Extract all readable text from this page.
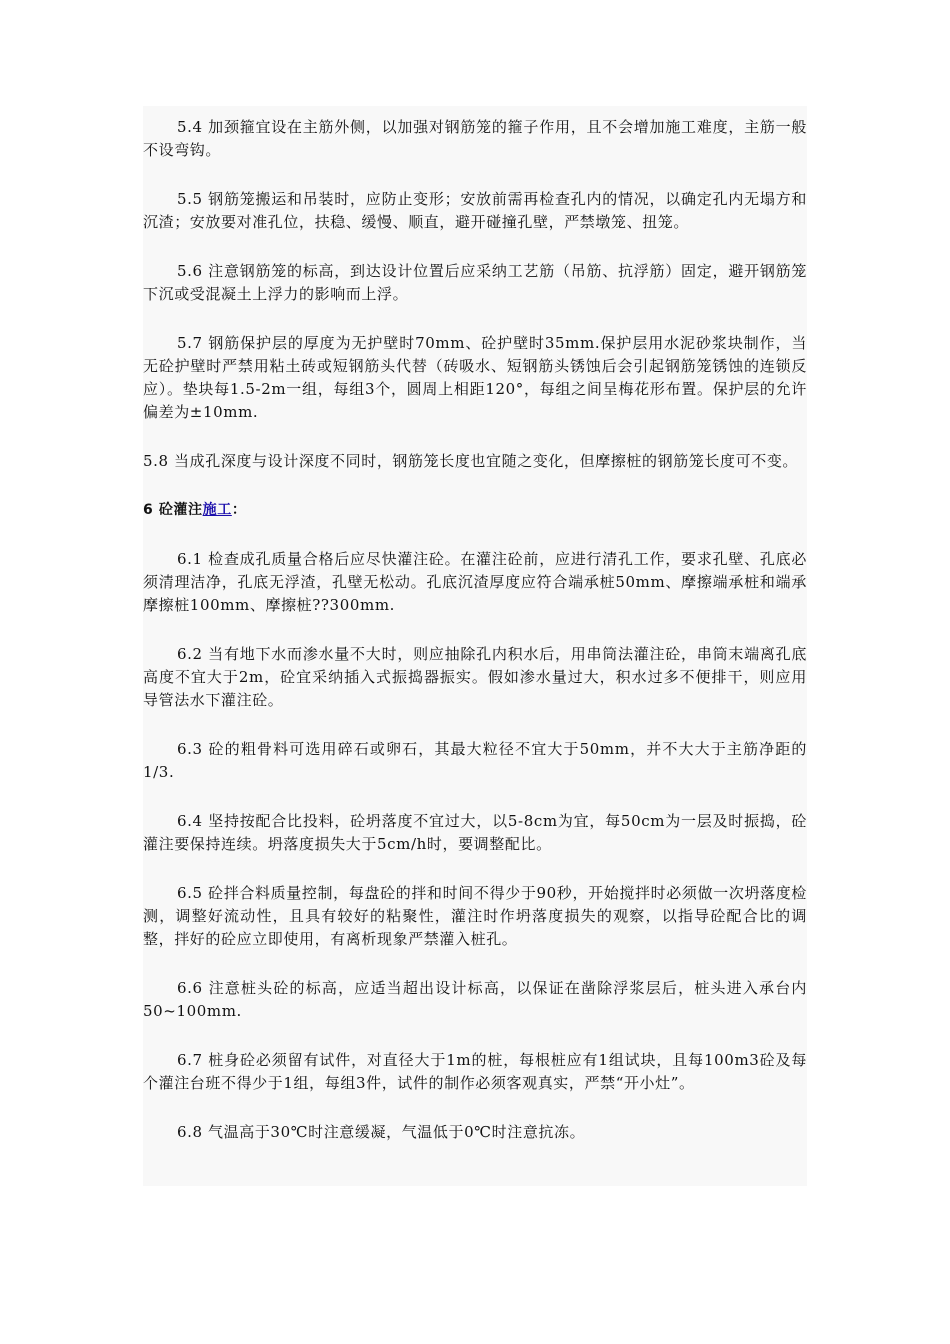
5.4 加颈箍宜设在主筋外侧，以加强对钢筋笼的箍子作用，且不会增加施工难度，主筋一般不设弯钩。

5.5 钢筋笼搬运和吊装时，应防止变形；安放前需再检查孔内的情况，以确定孔内无塌方和沉渣；安放要对准孔位，扶稳、缓慢、顺直，避开碰撞孔壁，严禁墩笼、扭笼。

5.6 注意钢筋笼的标高，到达设计位置后应采纳工艺筋（吊筋、抗浮筋）固定，避开钢筋笼下沉或受混凝土上浮力的影响而上浮。

5.7 钢筋保护层的厚度为无护壁时70mm、砼护壁时35mm.保护层用水泥砂浆块制作，当无砼护壁时严禁用粘土砖或短钢筋头代替（砖吸水、短钢筋头锈蚀后会引起钢筋笼锈蚀的连锁反应）。垫块每1.5-2m一组，每组3个，圆周上相距120°，每组之间呈梅花形布置。保护层的允许偏差为±10mm.

5.8 当成孔深度与设计深度不同时，钢筋笼长度也宜随之变化，但摩擦桩的钢筋笼长度可不变。

6 砼灌注施工：

6.1 检查成孔质量合格后应尽快灌注砼。在灌注砼前，应进行清孔工作，要求孔壁、孔底必须清理洁净，孔底无浮渣，孔壁无松动。孔底沉渣厚度应符合端承桩50mm、摩擦端承桩和端承摩擦桩100mm、摩擦桩??300mm.

6.2 当有地下水而渗水量不大时，则应抽除孔内积水后，用串筒法灌注砼，串筒末端离孔底高度不宜大于2m，砼宜采纳插入式振捣器振实。假如渗水量过大，积水过多不便排干，则应用导管法水下灌注砼。

6.3 砼的粗骨料可选用碎石或卵石，其最大粒径不宜大于50mm，并不大大于主筋净距的1/3.

6.4 坚持按配合比投料，砼坍落度不宜过大，以5-8cm为宜，每50cm为一层及时振捣，砼灌注要保持连续。坍落度损失大于5cm/h时，要调整配比。

6.5 砼拌合料质量控制，每盘砼的拌和时间不得少于90秒，开始搅拌时必须做一次坍落度检测，调整好流动性，且具有较好的粘聚性，灌注时作坍落度损失的观察，以指导砼配合比的调整，拌好的砼应立即使用，有离析现象严禁灌入桩孔。

6.6 注意桩头砼的标高，应适当超出设计标高，以保证在凿除浮浆层后，桩头进入承台内50~100mm.

6.7 桩身砼必须留有试件，对直径大于1m的桩，每根桩应有1组试块，且每100m3砼及每个灌注台班不得少于1组，每组3件，试件的制作必须客观真实，严禁“开小灶”。

6.8 气温高于30℃时注意缓凝，气温低于0℃时注意抗冻。
